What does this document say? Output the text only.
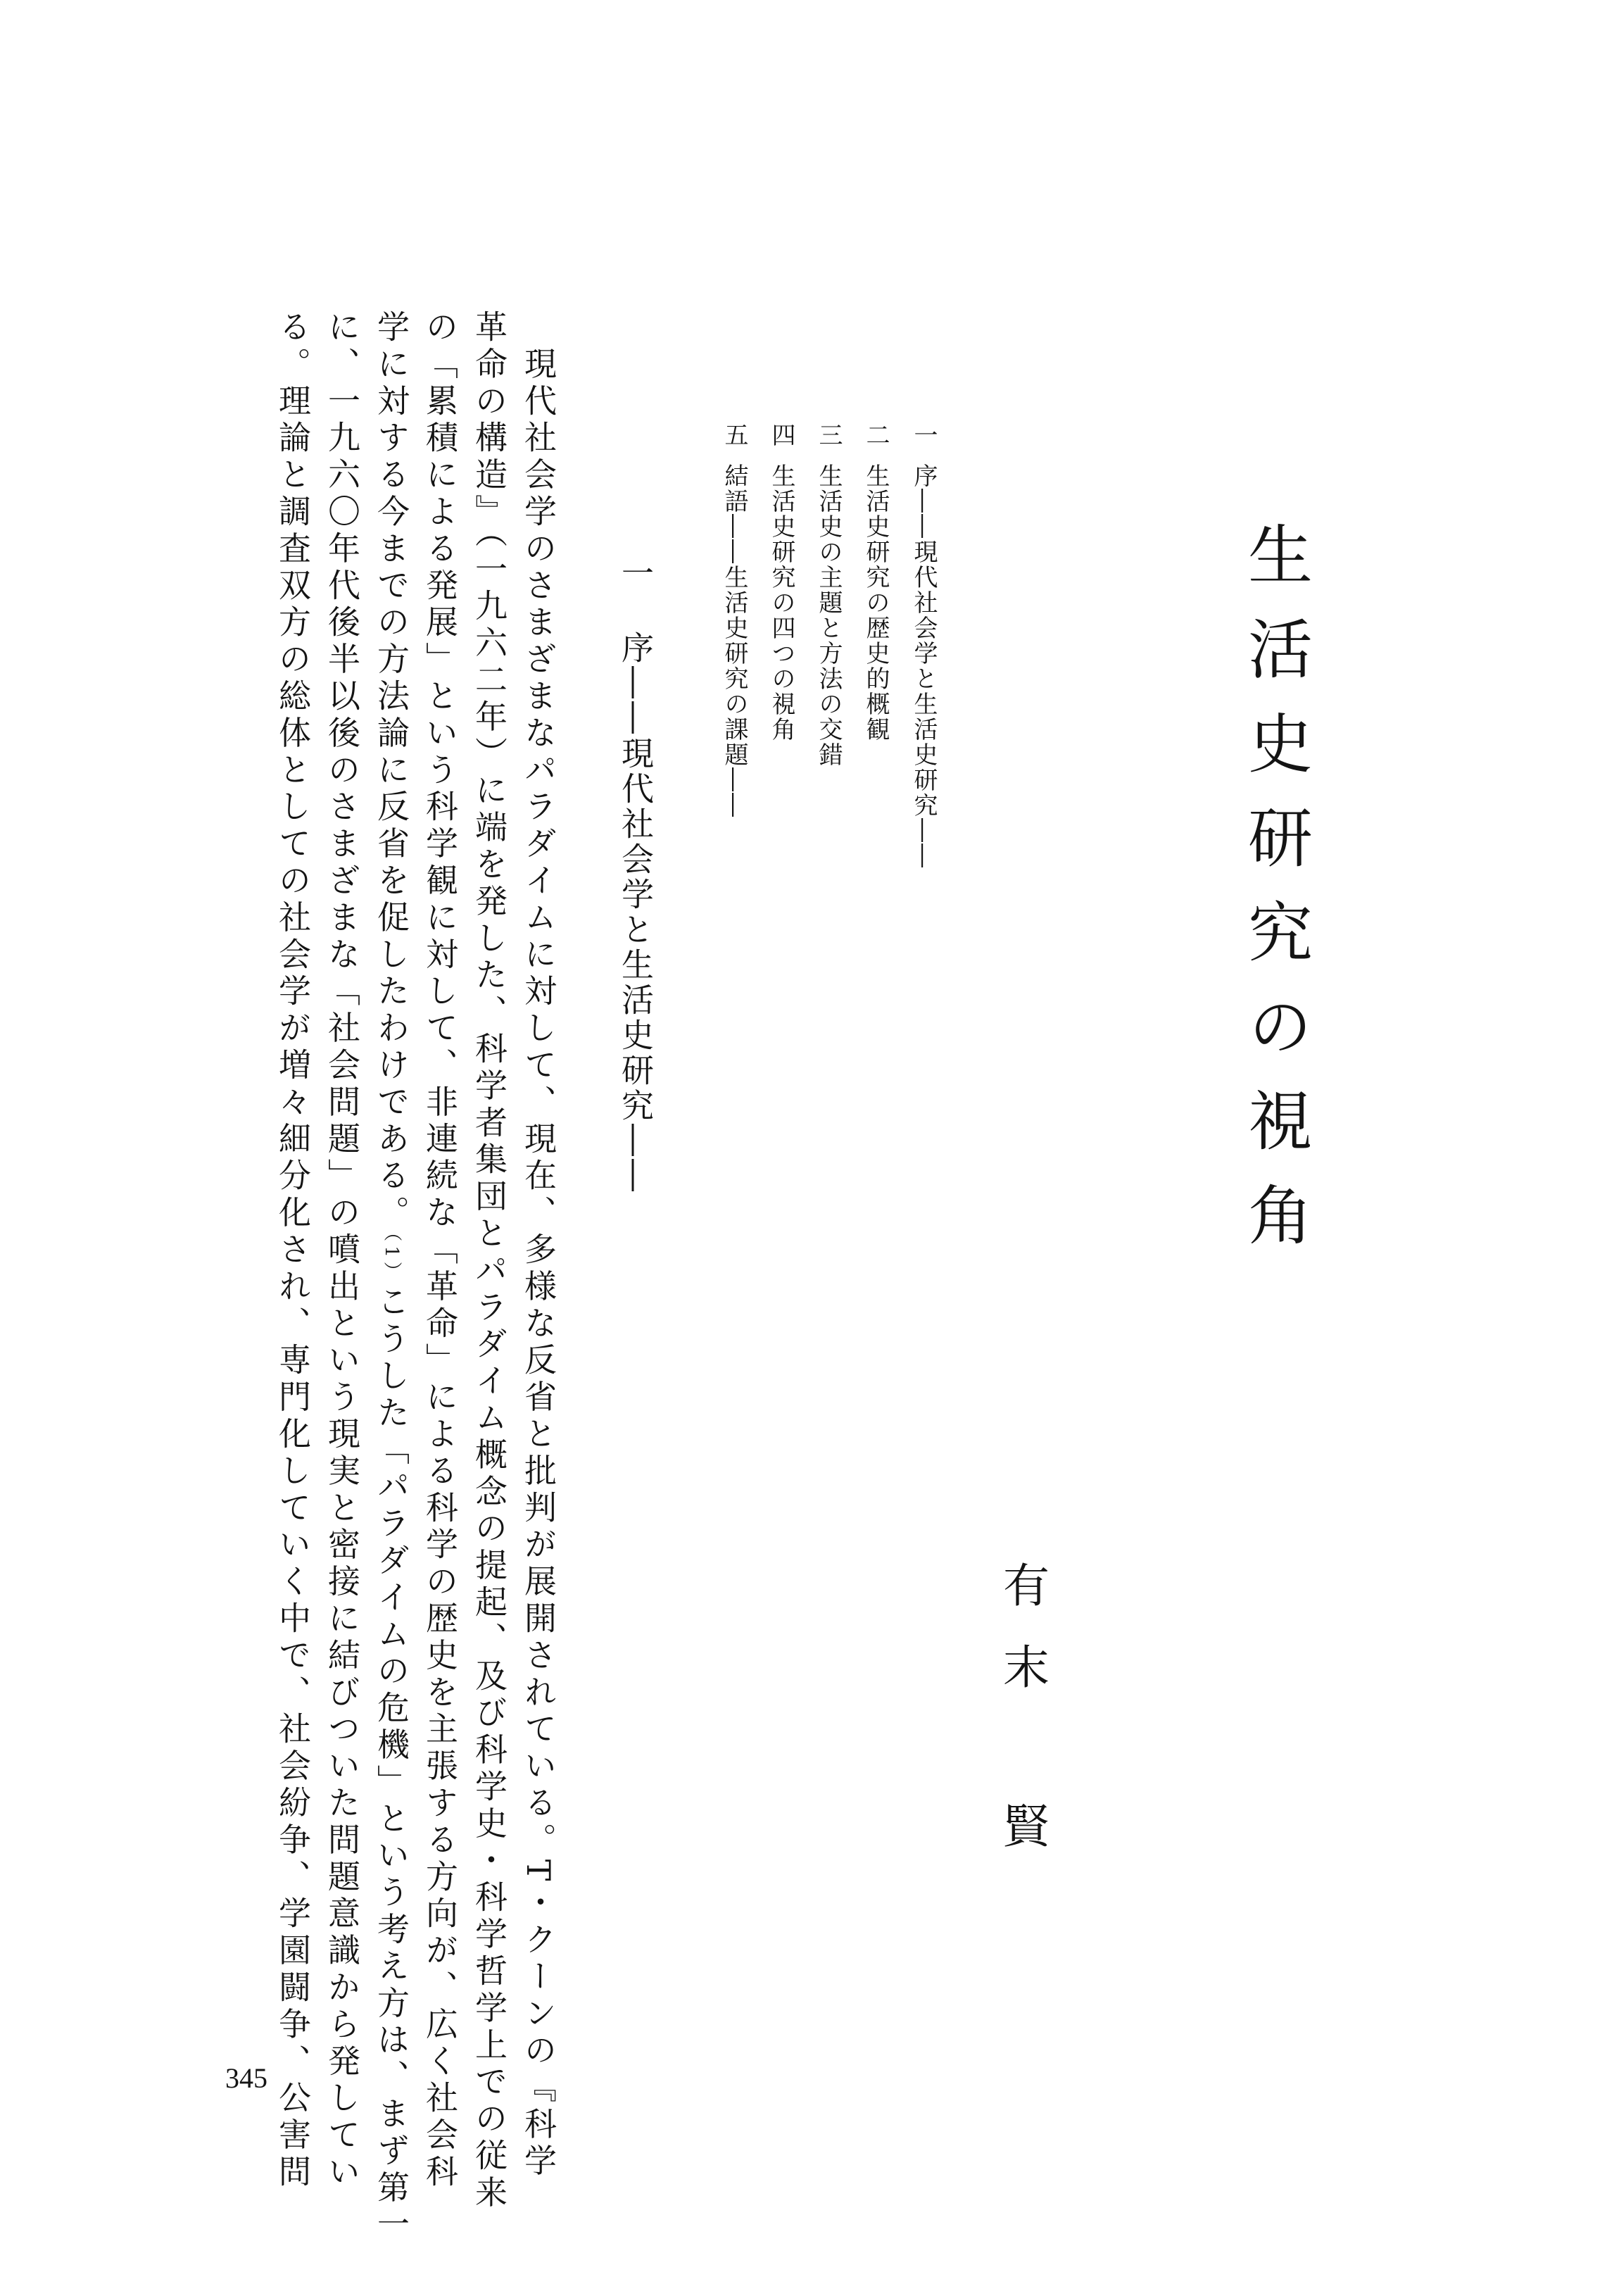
生活史研究の視角
有
末
賢
一序――現代社会学と生活史研究――
二生活史研究の歴史的概観
三生活史の主題と方法の交錯
四生活史研究の四つの視角
五結語――生活史研究の課題――
一序――現代社会学と生活史研究――
　現代社会学のさまざまなパラダイムに対して、現在、多様な反省と批判が展開されている。T・クーンの『科学
革命の構造』（一九六二年）に端を発した、科学者集団とパラダイム概念の提起、及び科学史・科学哲学上での従来
の「累積による発展」という科学観に対して、非連続な「革命」による科学の歴史を主張する方向が、広く社会科
学に対する今までの方法論に反省を促したわけである。（1）こうした「パラダイムの危機」という考え方は、まず第一
に、一九六〇年代後半以後のさまざまな「社会問題」の噴出という現実と密接に結びついた問題意識から発してい
る。理論と調査双方の総体としての社会学が増々細分化され、専門化していく中で、社会紛争、学園闘争、公害問
345
